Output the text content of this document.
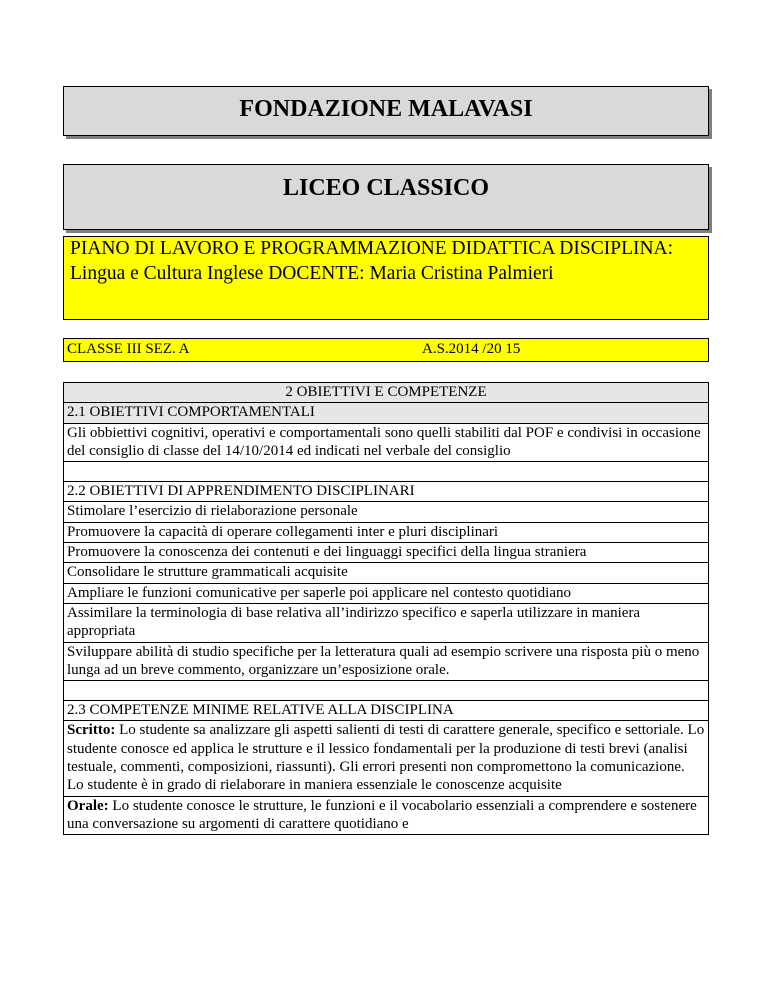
FONDAZIONE MALAVASI
LICEO CLASSICO
PIANO DI LAVORO E PROGRAMMAZIONE DIDATTICA DISCIPLINA: Lingua e Cultura Inglese DOCENTE: Maria Cristina Palmieri
CLASSE III SEZ. A	A.S.2014 /20 15
2 OBIETTIVI E COMPETENZE
2.1 OBIETTIVI COMPORTAMENTALI
Gli obbiettivi cognitivi, operativi e comportamentali sono quelli stabiliti dal POF e condivisi in occasione del consiglio di classe del 14/10/2014 ed indicati nel verbale del consiglio

2.2 OBIETTIVI DI APPRENDIMENTO DISCIPLINARI
Stimolare l’esercizio di rielaborazione personale
Promuovere la capacità di operare collegamenti inter e pluri disciplinari
Promuovere la conoscenza dei contenuti e dei linguaggi specifici della lingua straniera
Consolidare le strutture grammaticali acquisite
Ampliare le funzioni comunicative per saperle poi applicare nel contesto quotidiano
Assimilare la terminologia di base relativa all’indirizzo specifico e saperla utilizzare in maniera appropriata
Sviluppare abilità di studio specifiche per la letteratura quali ad esempio scrivere una risposta più o meno lunga ad un breve commento, organizzare un’esposizione orale.

2.3 COMPETENZE MINIME RELATIVE ALLA DISCIPLINA
Scritto: Lo studente sa analizzare gli aspetti salienti di testi di carattere generale, specifico e settoriale. Lo studente conosce ed applica le strutture e il lessico fondamentali per la produzione di testi brevi (analisi testuale, commenti, composizioni, riassunti). Gli errori presenti non compromettono la comunicazione. Lo studente è in grado di rielaborare in maniera essenziale le conoscenze acquisite
Orale: Lo studente conosce le strutture, le funzioni e il vocabolario essenziali a comprendere e sostenere una conversazione su argomenti di carattere quotidiano e
